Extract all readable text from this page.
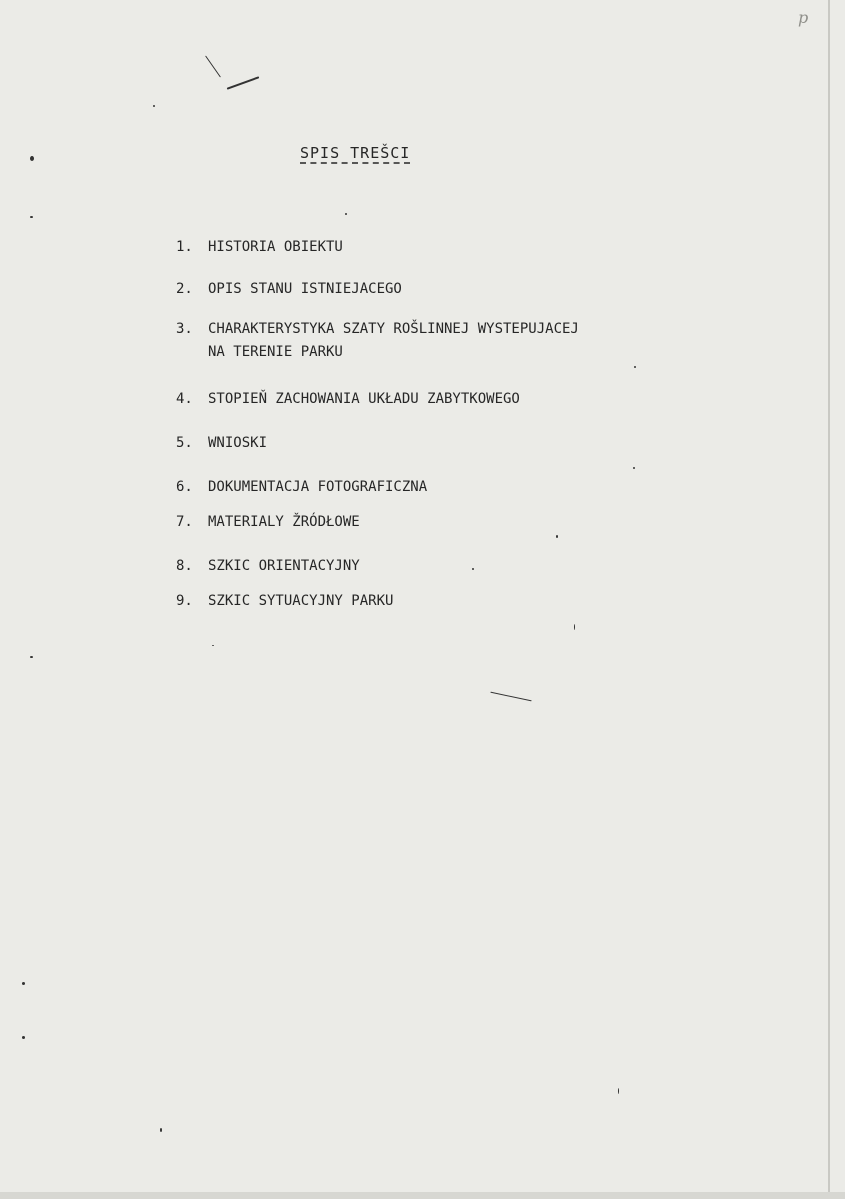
p
SPIS TREŠCI
1. HISTORIA OBIEKTU
2. OPIS STANU ISTNIEJACEGO
3. CHARAKTERYSTYKA SZATY ROŠLINNEJ WYSTEPUJACEJ
NA TERENIE PARKU
4. STOPIEŇ ZACHOWANIA UKŁADU ZABYTKOWEGO
5. WNIOSKI
6. DOKUMENTACJA FOTOGRAFICZNA
7. MATERIALY ŽRÓDŁOWE
8. SZKIC ORIENTACYJNY
9. SZKIC SYTUACYJNY PARKU
